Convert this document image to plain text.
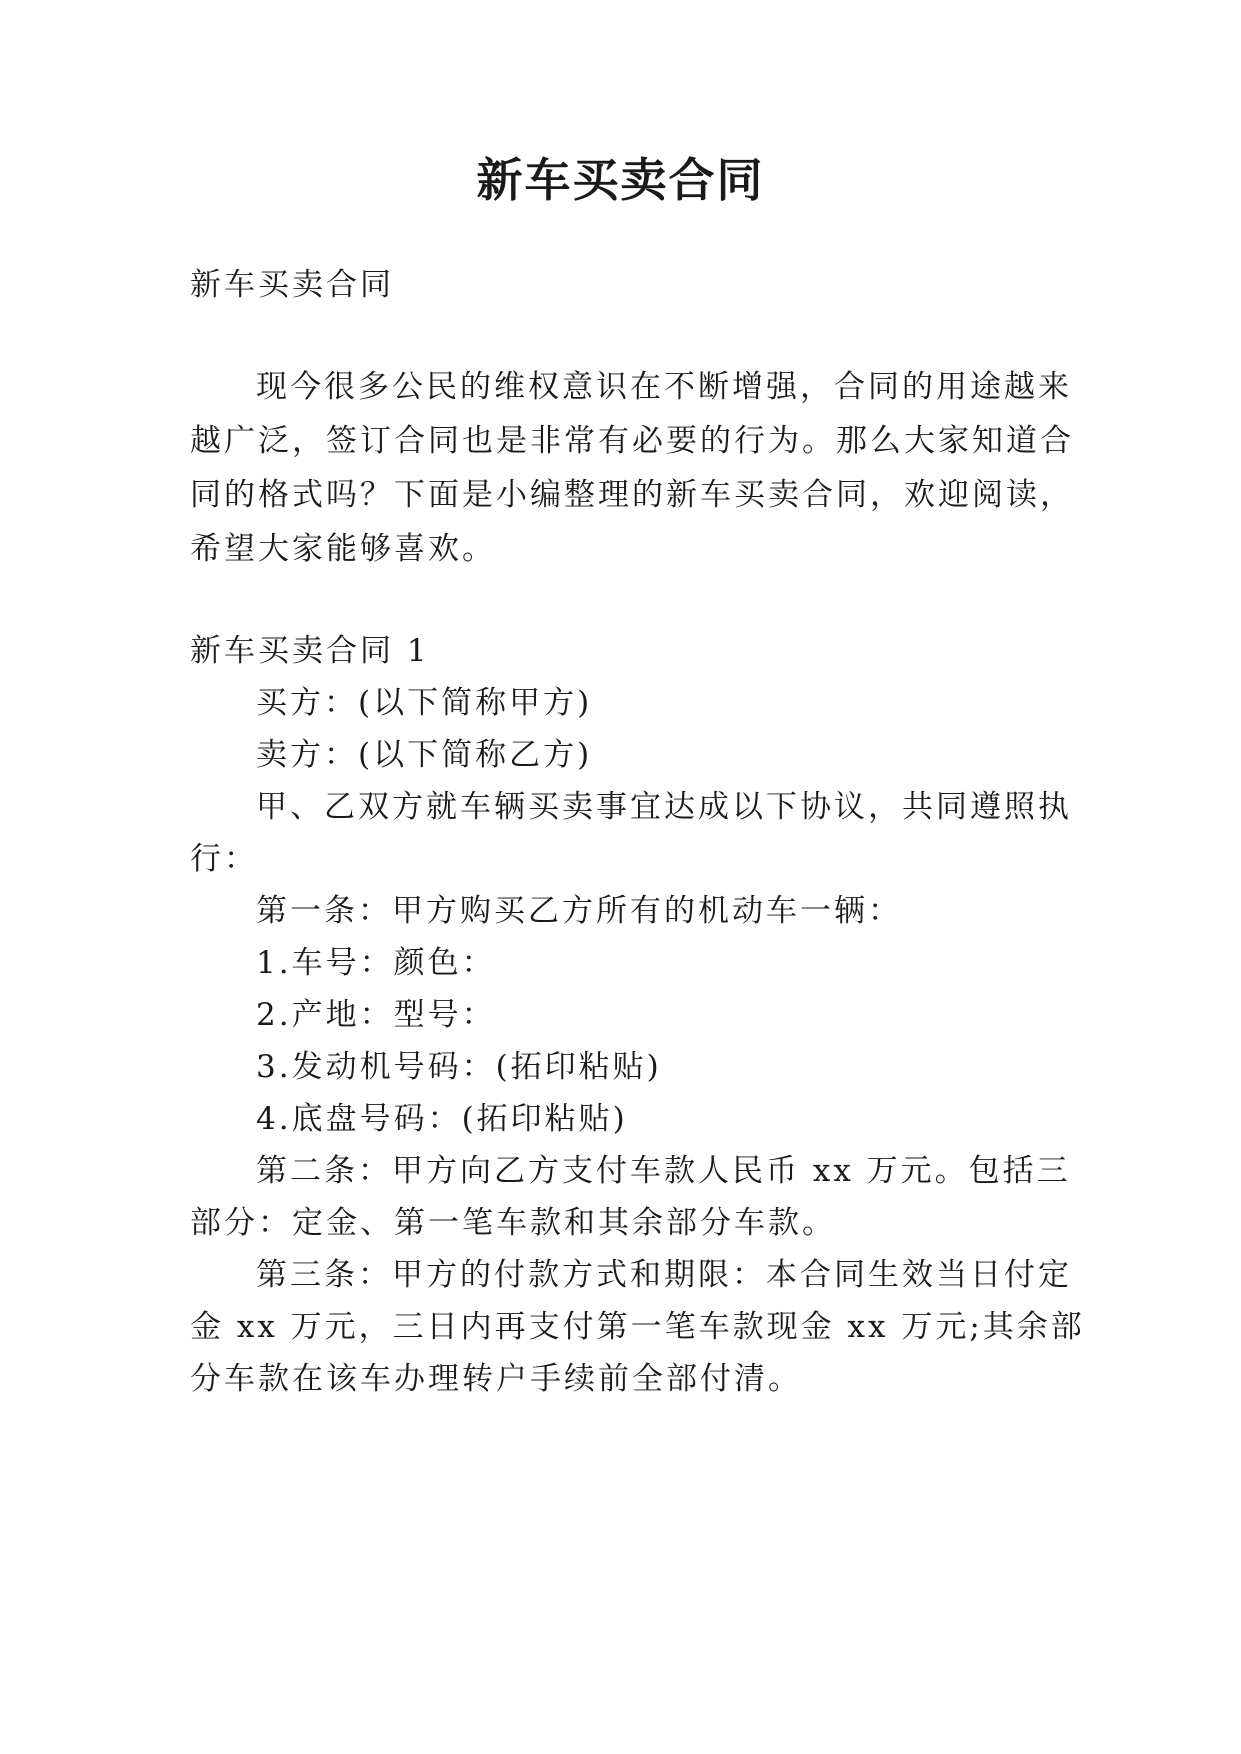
新车买卖合同
新车买卖合同
现今很多公民的维权意识在不断增强，合同的用途越来
越广泛，签订合同也是非常有必要的行为。那么大家知道合
同的格式吗？下面是小编整理的新车买卖合同，欢迎阅读，
希望大家能够喜欢。
新车买卖合同 1
买方：(以下简称甲方)
卖方：(以下简称乙方)
甲、乙双方就车辆买卖事宜达成以下协议，共同遵照执
行：
第一条：甲方购买乙方所有的机动车一辆：
1.车号：颜色：
2.产地：型号：
3.发动机号码：(拓印粘贴)
4.底盘号码：(拓印粘贴)
第二条：甲方向乙方支付车款人民币 xx 万元。包括三
部分：定金、第一笔车款和其余部分车款。
第三条：甲方的付款方式和期限：本合同生效当日付定
金 xx 万元，三日内再支付第一笔车款现金 xx 万元;其余部
分车款在该车办理转户手续前全部付清。
